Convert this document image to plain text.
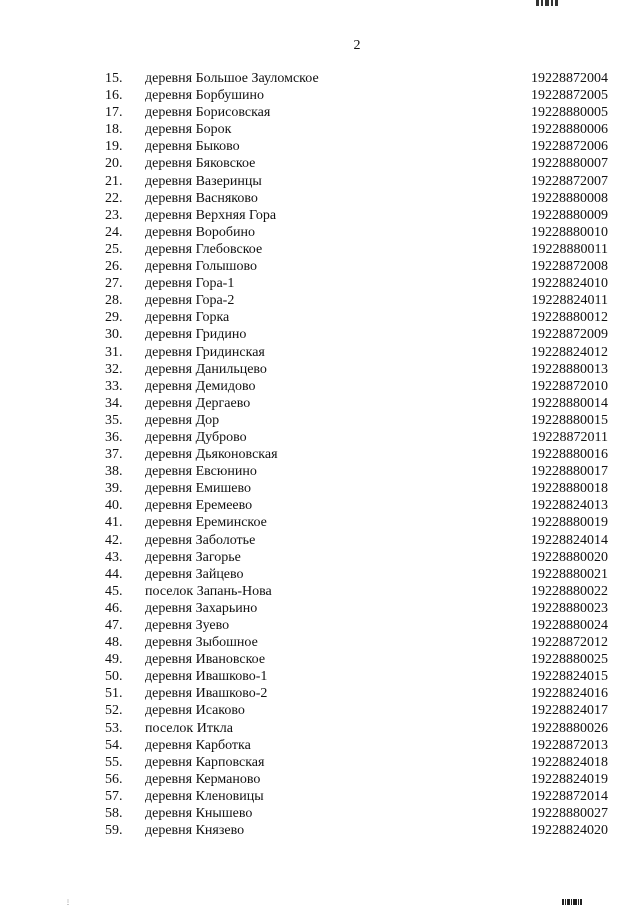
2
15. деревня Большое Зауломское	19228872004
16. деревня Борбушино	19228872005
17. деревня Борисовская	19228880005
18. деревня Борок	19228880006
19. деревня Быково	19228872006
20. деревня Бяковское	19228880007
21. деревня Вазеринцы	19228872007
22. деревня Васняково	19228880008
23. деревня Верхняя Гора	19228880009
24. деревня Воробино	19228880010
25. деревня Глебовское	19228880011
26. деревня Голышово	19228872008
27. деревня Гора-1	19228824010
28. деревня Гора-2	19228824011
29. деревня Горка	19228880012
30. деревня Гридино	19228872009
31. деревня Гридинская	19228824012
32. деревня Данильцево	19228880013
33. деревня Демидово	19228872010
34. деревня Дергаево	19228880014
35. деревня Дор	19228880015
36. деревня Дуброво	19228872011
37. деревня Дьяконовская	19228880016
38. деревня Евсюнино	19228880017
39. деревня Емишево	19228880018
40. деревня Еремеево	19228824013
41. деревня Ереминское	19228880019
42. деревня Заболотье	19228824014
43. деревня Загорье	19228880020
44. деревня Зайцево	19228880021
45. поселок Запань-Нова	19228880022
46. деревня Захарьино	19228880023
47. деревня Зуево	19228880024
48. деревня Зыбошное	19228872012
49. деревня Ивановское	19228880025
50. деревня Ивашково-1	19228824015
51. деревня Ивашково-2	19228824016
52. деревня Исаково	19228824017
53. поселок Иткла	19228880026
54. деревня Карботка	19228872013
55. деревня Карповская	19228824018
56. деревня Керманово	19228824019
57. деревня Кленовицы	19228872014
58. деревня Кнышево	19228880027
59. деревня Князево	19228824020
⋮
